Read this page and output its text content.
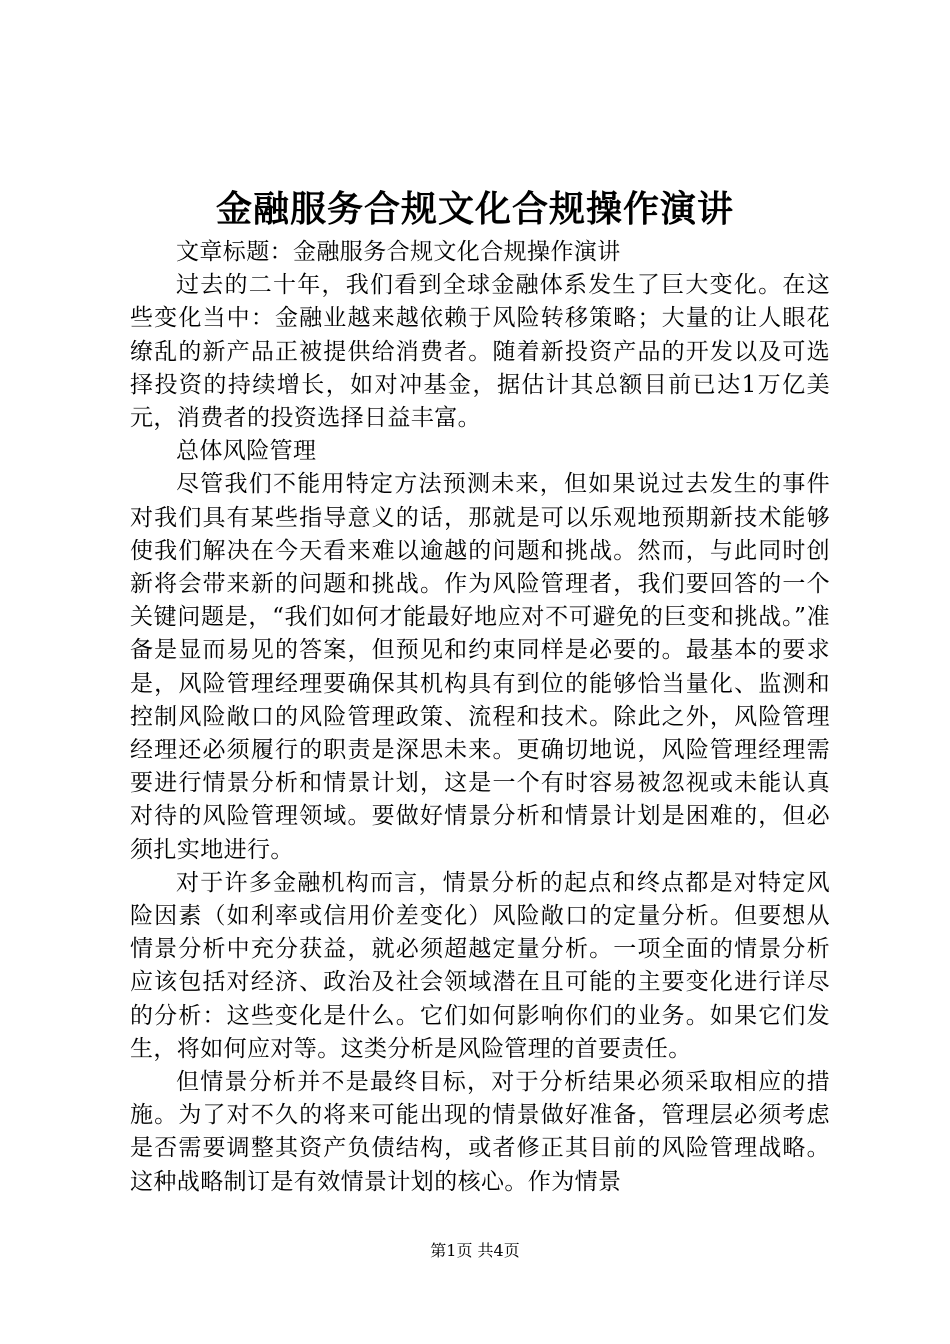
金融服务合规文化合规操作演讲

文章标题：金融服务合规文化合规操作演讲

过去的二十年，我们看到全球金融体系发生了巨大变化。在这些变化当中：金融业越来越依赖于风险转移策略；大量的让人眼花缭乱的新产品正被提供给消费者。随着新投资产品的开发以及可选择投资的持续增长，如对冲基金，据估计其总额目前已达1万亿美元，消费者的投资选择日益丰富。

总体风险管理

尽管我们不能用特定方法预测未来，但如果说过去发生的事件对我们具有某些指导意义的话，那就是可以乐观地预期新技术能够使我们解决在今天看来难以逾越的问题和挑战。然而，与此同时创新将会带来新的问题和挑战。作为风险管理者，我们要回答的一个关键问题是，“我们如何才能最好地应对不可避免的巨变和挑战。”准备是显而易见的答案，但预见和约束同样是必要的。最基本的要求是，风险管理经理要确保其机构具有到位的能够恰当量化、监测和控制风险敞口的风险管理政策、流程和技术。除此之外，风险管理经理还必须履行的职责是深思未来。更确切地说，风险管理经理需要进行情景分析和情景计划，这是一个有时容易被忽视或未能认真对待的风险管理领域。要做好情景分析和情景计划是困难的，但必须扎实地进行。

对于许多金融机构而言，情景分析的起点和终点都是对特定风险因素（如利率或信用价差变化）风险敞口的定量分析。但要想从情景分析中充分获益，就必须超越定量分析。一项全面的情景分析应该包括对经济、政治及社会领域潜在且可能的主要变化进行详尽的分析：这些变化是什么。它们如何影响你们的业务。如果它们发生，将如何应对等。这类分析是风险管理的首要责任。

但情景分析并不是最终目标，对于分析结果必须采取相应的措施。为了对不久的将来可能出现的情景做好准备，管理层必须考虑是否需要调整其资产负债结构，或者修正其目前的风险管理战略。这种战略制订是有效情景计划的核心。作为情景

第1页 共4页
